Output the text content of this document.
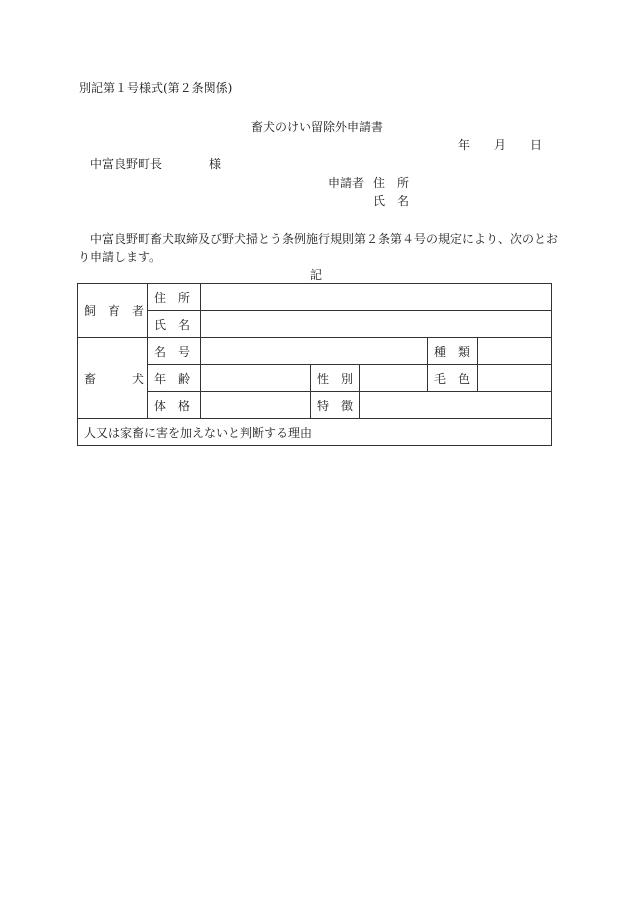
別記第１号様式(第２条関係)
畜犬のけい留除外申請書
年 月 日
中富良野町長	様
申請者 住　所
氏　名
中富良野町畜犬取締及び野犬掃とう条例施行規則第２条第４号の規定により、次のとお
り申請します。
記
飼　育　者	住　所					
	氏　名					
畜　　　犬	名　号				種　類	
	年　齢		性　別		毛　色	
	体　格		特　徴			
人又は家畜に害を加えないと判断する理由						
